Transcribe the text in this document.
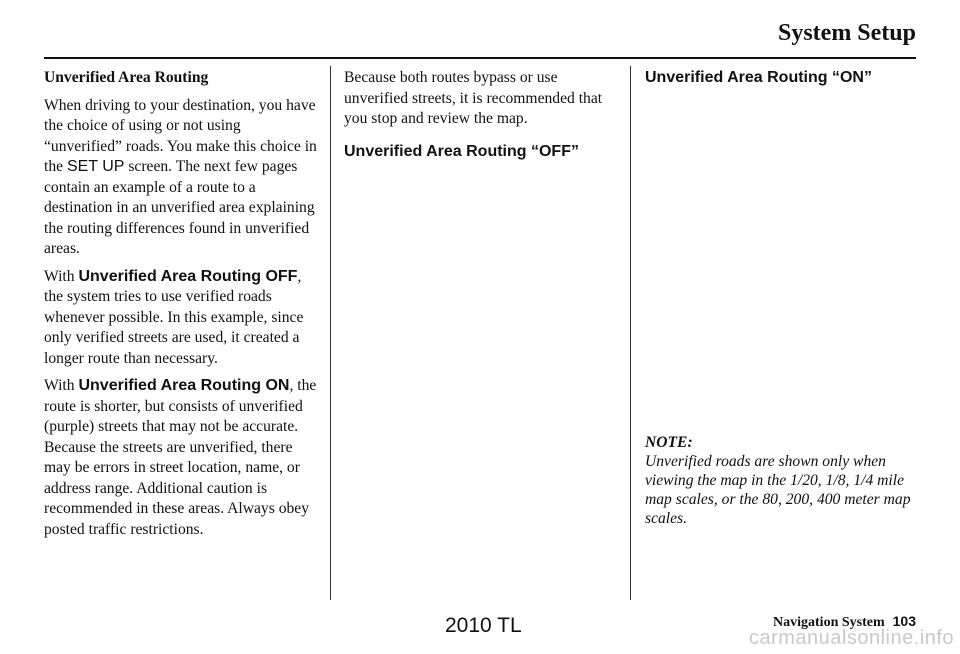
System Setup

Unverified Area Routing

When driving to your destination, you have the choice of using or not using “unverified” roads. You make this choice in the SET UP screen. The next few pages contain an example of a route to a destination in an unverified area explaining the routing differences found in unverified areas.

With Unverified Area Routing OFF, the system tries to use verified roads whenever possible. In this example, since only verified streets are used, it created a longer route than necessary.

With Unverified Area Routing ON, the route is shorter, but consists of unverified (purple) streets that may not be accurate. Because the streets are unverified, there may be errors in street location, name, or address range. Additional caution is recommended in these areas. Always obey posted traffic restrictions.

Because both routes bypass or use unverified streets, it is recommended that you stop and review the map.

Unverified Area Routing “OFF”

Unverified Area Routing “ON”

NOTE:
Unverified roads are shown only when viewing the map in the 1/20, 1/8, 1/4 mile map scales, or the 80, 200, 400 meter map scales.
Navigation System 103
2010 TL
carmanualsonline.info
